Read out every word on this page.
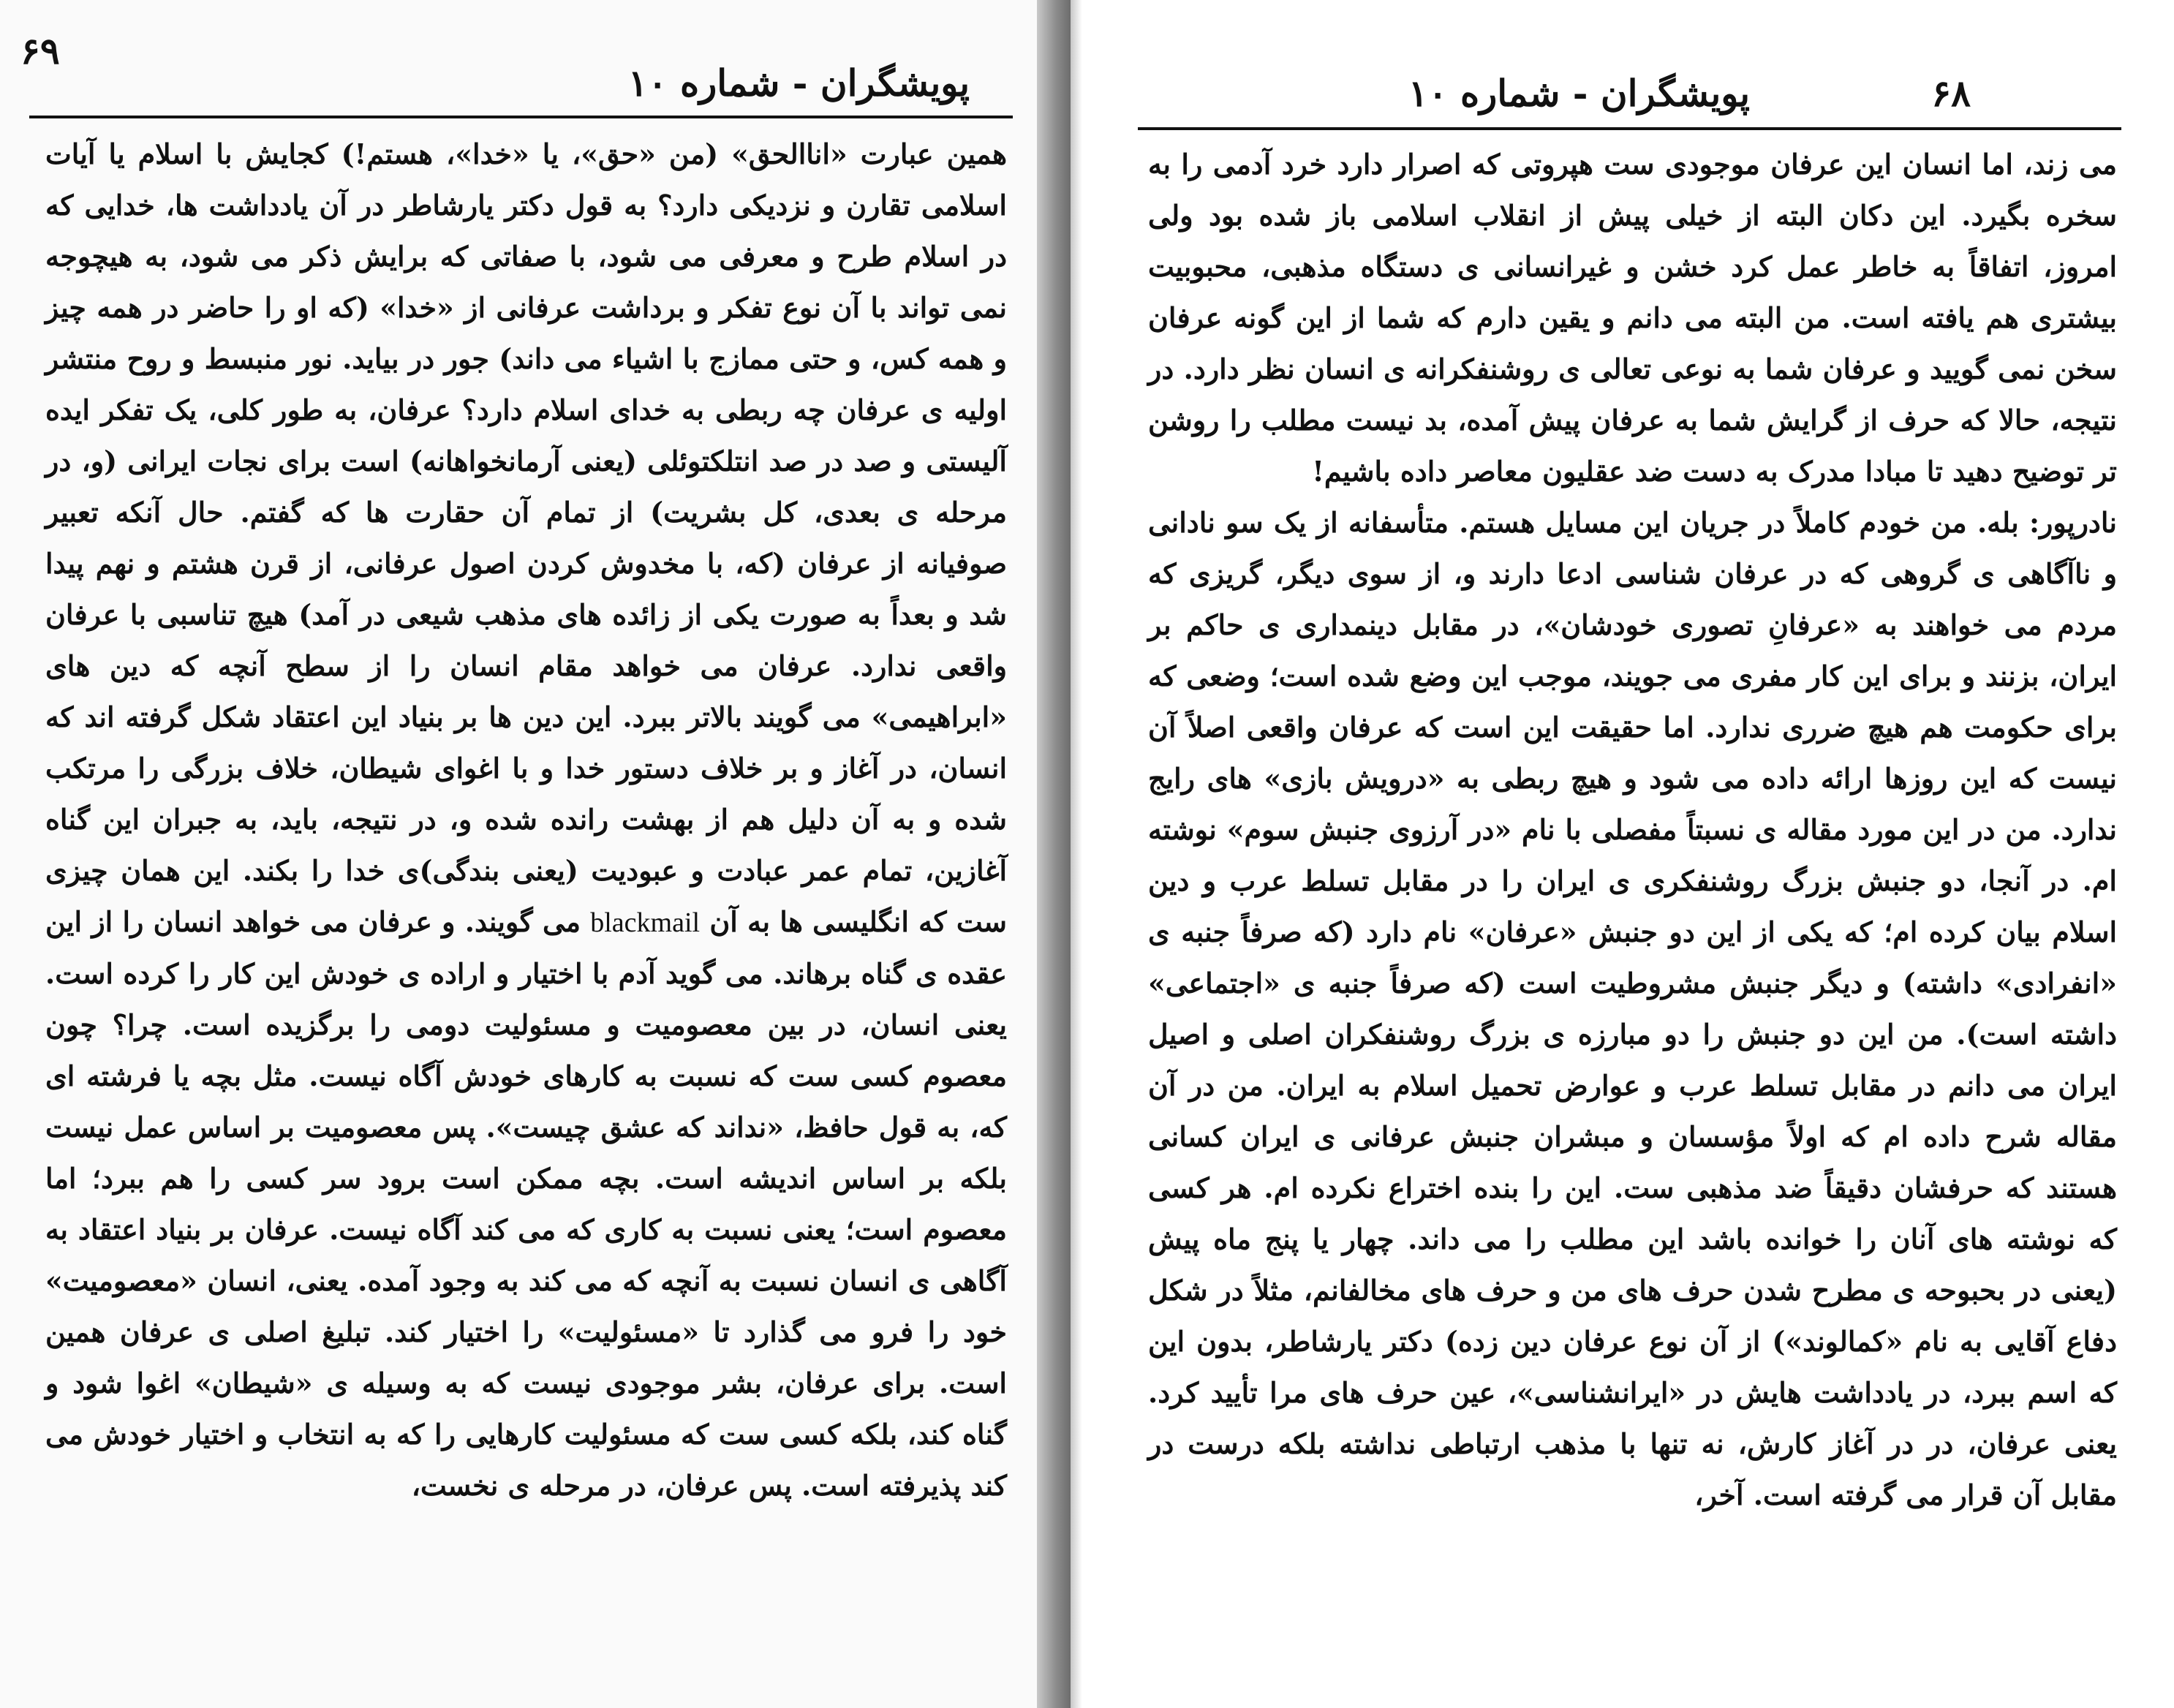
۶۹
پویشگران - شماره ۱۰

همین عبارت «اناالحق» (من «حق»، یا «خدا»، هستم!) کجایش با اسلام یا آیات اسلامی تقارن و نزدیکی دارد؟ به قول دکتر یارشاطر در آن یادداشت ها، خدایی که در اسلام طرح و معرفی می شود، با صفاتی که برایش ذکر می شود، به هیچوجه نمی تواند با آن نوع تفکر و برداشت عرفانی از «خدا» (که او را حاضر در همه چیز و همه کس، و حتی ممازج با اشیاء می داند) جور در بیاید. نور منبسط و روح منتشر اولیه ی عرفان چه ربطی به خدای اسلام دارد؟ عرفان، به طور کلی، یک تفکر ایده آلیستی و صد در صد انتلکتوئلی (یعنی آرمانخواهانه) است برای نجات ایرانی (و، در مرحله ی بعدی، کل بشریت) از تمام آن حقارت ها که گفتم. حال آنکه تعبیر صوفیانه از عرفان (که، با مخدوش کردن اصول عرفانی، از قرن هشتم و نهم پیدا شد و بعداً به صورت یکی از زائده های مذهب شیعی در آمد) هیچ تناسبی با عرفان واقعی ندارد. عرفان می خواهد مقام انسان را از سطح آنچه که دین های «ابراهیمی» می گویند بالاتر ببرد. این دین ها بر بنیاد این اعتقاد شکل گرفته اند که انسان، در آغاز و بر خلاف دستور خدا و با اغوای شیطان، خلاف بزرگی را مرتکب شده و به آن دلیل هم از بهشت رانده شده و، در نتیجه، باید، به جبران این گناه آغازین، تمام عمر عبادت و عبودیت (یعنی بندگی)ی خدا را بکند. این همان چیزی ست که انگلیسی ها به آن blackmail می گویند. و عرفان می خواهد انسان را از این عقده ی گناه برهاند. می گوید آدم با اختیار و اراده ی خودش این کار را کرده است. یعنی انسان، در بین معصومیت و مسئولیت دومی را برگزیده است. چرا؟ چون معصوم کسی ست که نسبت به کارهای خودش آگاه نیست. مثل بچه یا فرشته ای که، به قول حافظ، «نداند که عشق چیست». پس معصومیت بر اساس عمل نیست بلکه بر اساس اندیشه است. بچه ممکن است برود سر کسی را هم ببرد؛ اما معصوم است؛ یعنی نسبت به کاری که می کند آگاه نیست. عرفان بر بنیاد اعتقاد به آگاهی ی انسان نسبت به آنچه که می کند به وجود آمده. یعنی، انسان «معصومیت» خود را فرو می گذارد تا «مسئولیت» را اختیار کند. تبلیغ اصلی ی عرفان همین است. برای عرفان، بشر موجودی نیست که به وسیله ی «شیطان» اغوا شود و گناه کند، بلکه کسی ست که مسئولیت کارهایی را که به انتخاب و اختیار خودش می کند پذیرفته است. پس عرفان، در مرحله ی نخست،

پویشگران - شماره ۱۰	۶۸

می زند، اما انسان این عرفان موجودی ست هپروتی که اصرار دارد خرد آدمی را به سخره بگیرد. این دکان البته از خیلی پیش از انقلاب اسلامی باز شده بود ولی امروز، اتفاقاً به خاطر عمل کرد خشن و غیرانسانی ی دستگاه مذهبی، محبوبیت بیشتری هم یافته است. من البته می دانم و یقین دارم که شما از این گونه عرفان سخن نمی گویید و عرفان شما به نوعی تعالی ی روشنفکرانه ی انسان نظر دارد. در نتیجه، حالا که حرف از گرایش شما به عرفان پیش آمده، بد نیست مطلب را روشن تر توضیح دهید تا مبادا مدرک به دست ضد عقلیون معاصر داده باشیم!

نادرپور: بله. من خودم کاملاً در جریان این مسایل هستم. متأسفانه از یک سو نادانی و ناآگاهی ی گروهی که در عرفان شناسی ادعا دارند و، از سوی دیگر، گریزی که مردم می خواهند به «عرفانِ تصوری خودشان»، در مقابل دینمداری ی حاکم بر ایران، بزنند و برای این کار مفری می جویند، موجب این وضع شده است؛ وضعی که برای حکومت هم هیچ ضرری ندارد. اما حقیقت این است که عرفان واقعی اصلاً آن نیست که این روزها ارائه داده می شود و هیچ ربطی به «درویش بازی» های رایج ندارد. من در این مورد مقاله ی نسبتاً مفصلی با نام «در آرزوی جنبش سوم» نوشته ام. در آنجا، دو جنبش بزرگ روشنفکری ی ایران را در مقابل تسلط عرب و دین اسلام بیان کرده ام؛ که یکی از این دو جنبش «عرفان» نام دارد (که صرفاً جنبه ی «انفرادی» داشته) و دیگر جنبش مشروطیت است (که صرفاً جنبه ی «اجتماعی» داشته است). من این دو جنبش را دو مبارزه ی بزرگ روشنفکران اصلی و اصیل ایران می دانم در مقابل تسلط عرب و عوارض تحمیل اسلام به ایران. من در آن مقاله شرح داده ام که اولاً مؤسسان و مبشران جنبش عرفانی ی ایران کسانی هستند که حرفشان دقیقاً ضد مذهبی ست. این را بنده اختراع نکرده ام. هر کسی که نوشته های آنان را خوانده باشد این مطلب را می داند. چهار یا پنج ماه پیش (یعنی در بحبوحه ی مطرح شدن حرف های من و حرف های مخالفانم، مثلاً در شکل دفاع آقایی به نام «کمالوند») از آن نوع عرفان دین زده) دکتر یارشاطر، بدون این که اسم ببرد، در یادداشت هایش در «ایرانشناسی»، عین حرف های مرا تأیید کرد. یعنی عرفان، در در آغاز کارش، نه تنها با مذهب ارتباطی نداشته بلکه درست در مقابل آن قرار می گرفته است. آخر،
